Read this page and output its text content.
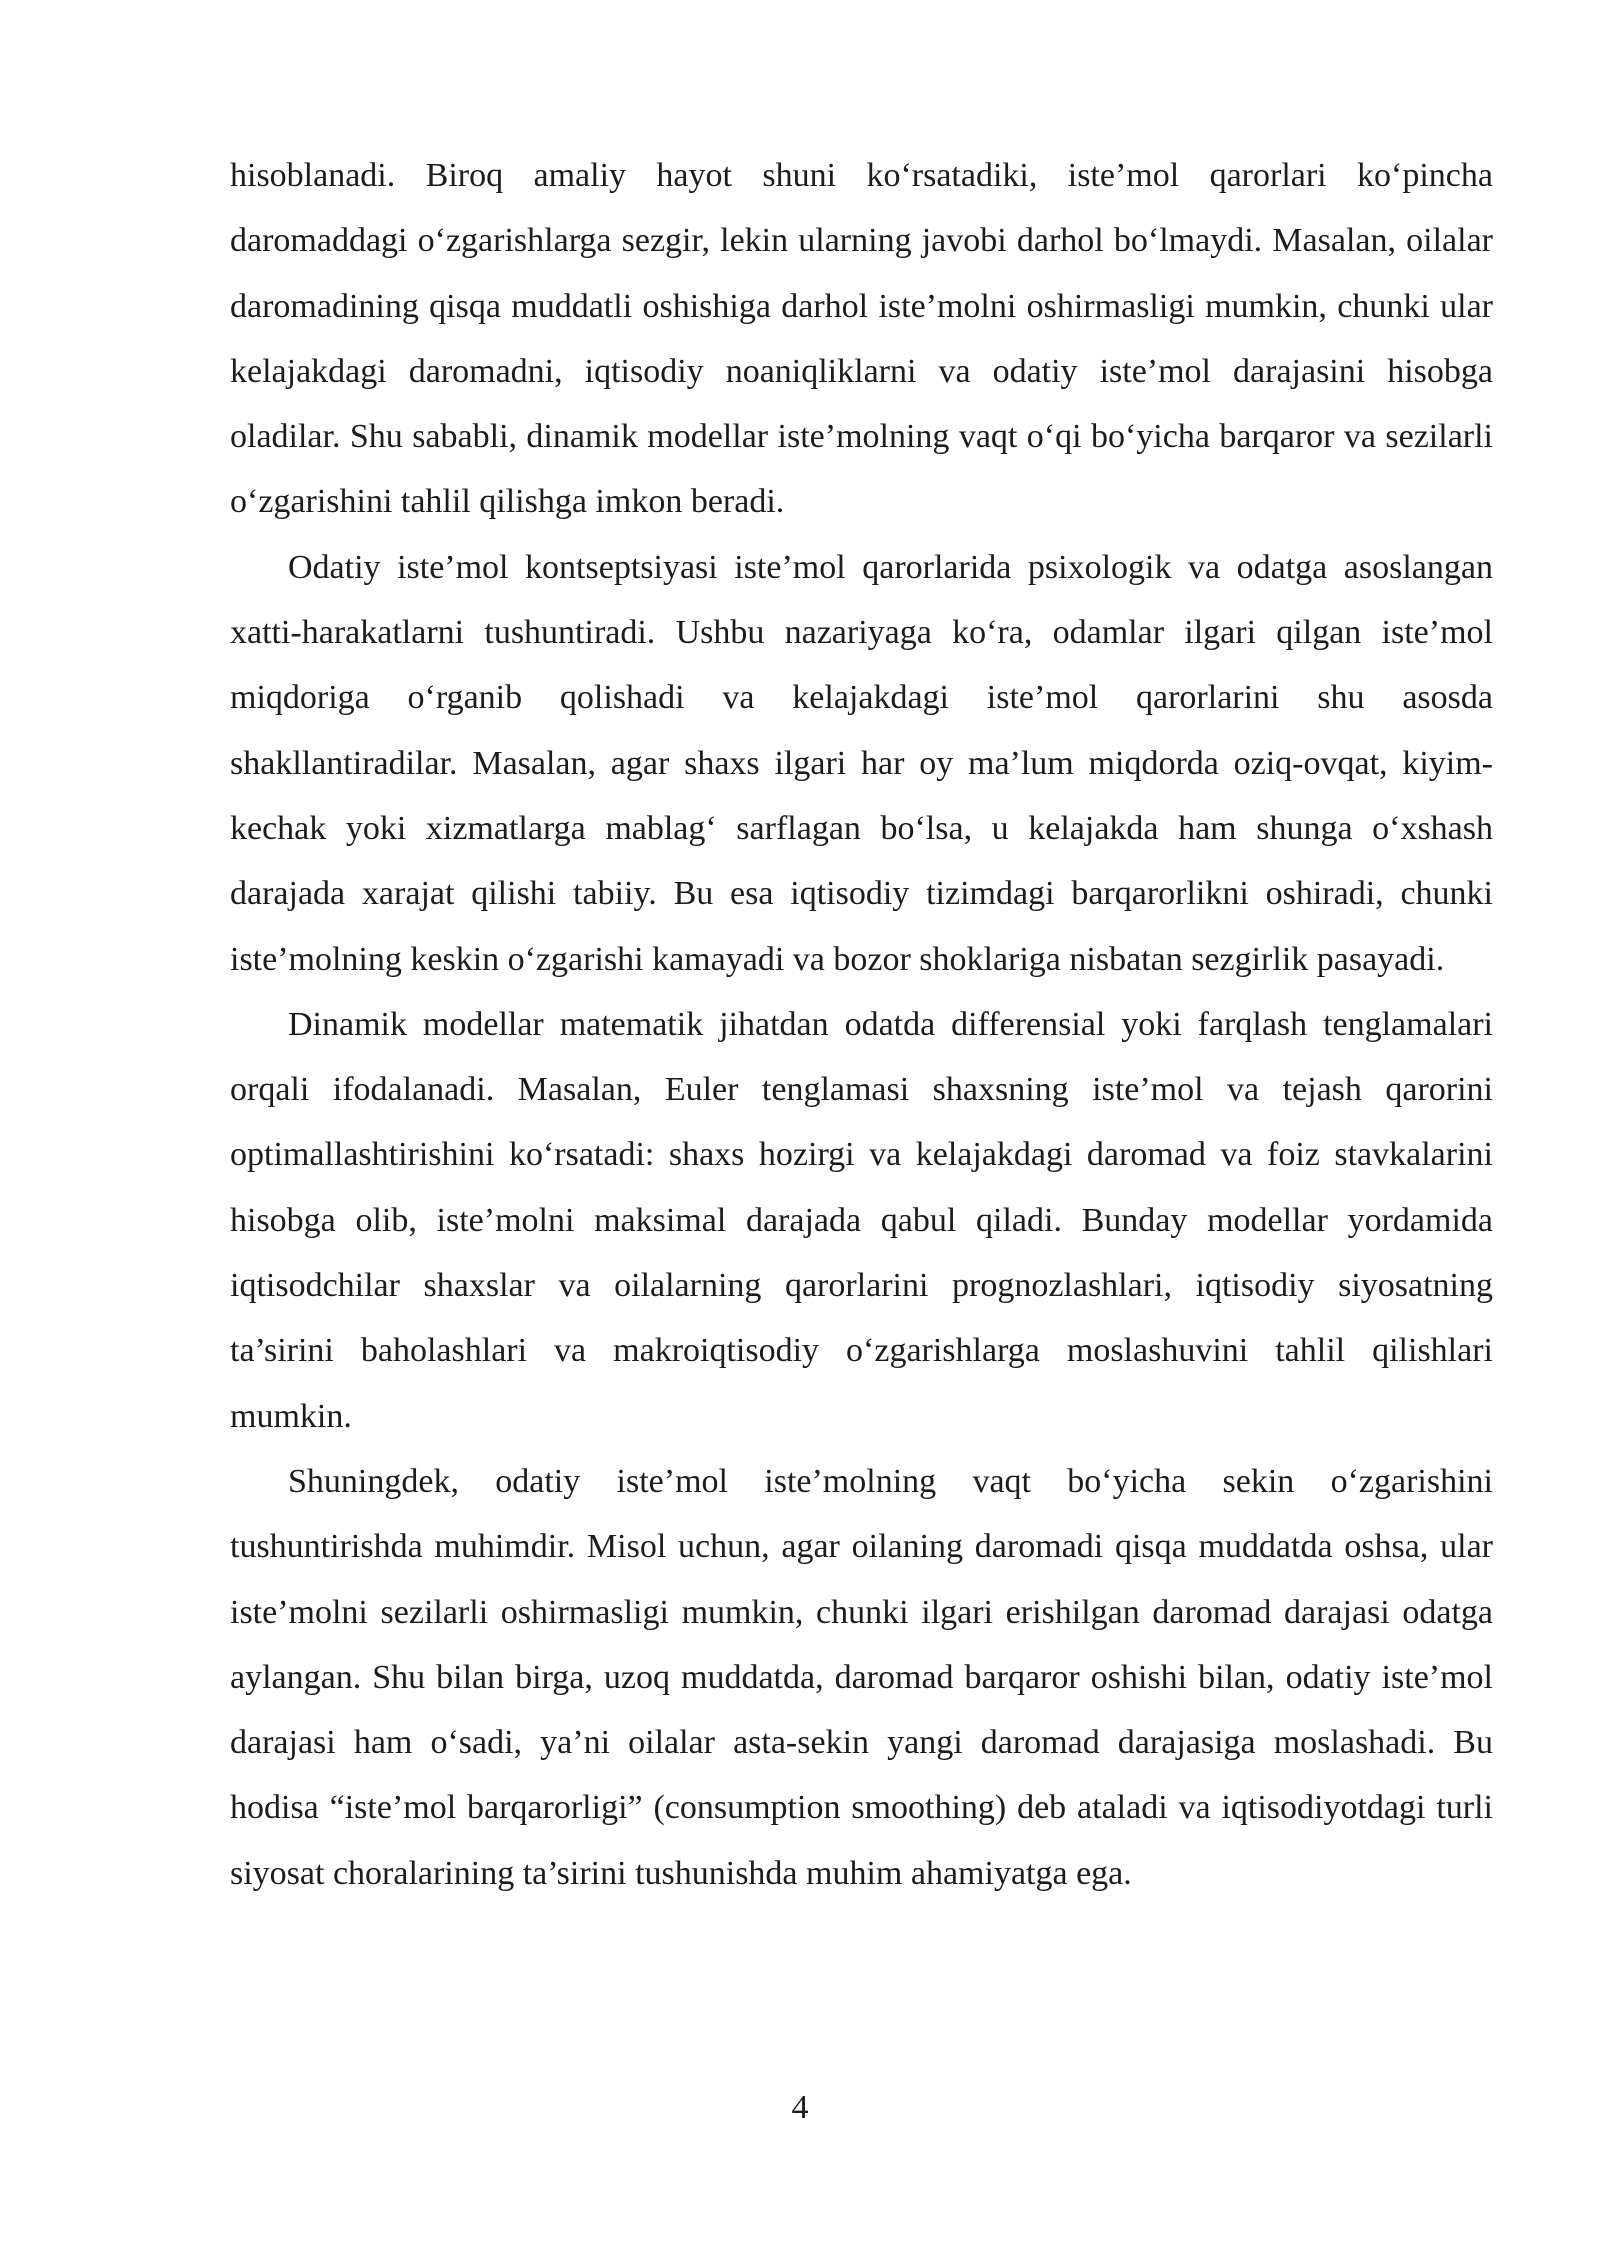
hisoblanadi. Biroq amaliy hayot shuni ko‘rsatadiki, iste’mol qarorlari ko‘pincha daromaddagi o‘zgarishlarga sezgir, lekin ularning javobi darhol bo‘lmaydi. Masalan, oilalar daromadining qisqa muddatli oshishiga darhol iste’molni oshirmasligi mumkin, chunki ular kelajakdagi daromadni, iqtisodiy noaniqliklarni va odatiy iste’mol darajasini hisobga oladilar. Shu sababli, dinamik modellar iste’molning vaqt o‘qi bo‘yicha barqaror va sezilarli o‘zgarishini tahlil qilishga imkon beradi.

Odatiy iste’mol kontseptsiyasi iste’mol qarorlarida psixologik va odatga asoslangan xatti-harakatlarni tushuntiradi. Ushbu nazariyaga ko‘ra, odamlar ilgari qilgan iste’mol miqdoriga o‘rganib qolishadi va kelajakdagi iste’mol qarorlarini shu asosda shakllantiradilar. Masalan, agar shaxs ilgari har oy ma’lum miqdorda oziq-ovqat, kiyim-kechak yoki xizmatlarga mablag‘ sarflagan bo‘lsa, u kelajakda ham shunga o‘xshash darajada xarajat qilishi tabiiy. Bu esa iqtisodiy tizimdagi barqarorlikni oshiradi, chunki iste’molning keskin o‘zgarishi kamayadi va bozor shoklariga nisbatan sezgirlik pasayadi.

Dinamik modellar matematik jihatdan odatda differensial yoki farqlash tenglamalari orqali ifodalanadi. Masalan, Euler tenglamasi shaxsning iste’mol va tejash qarorini optimallashtirishini ko‘rsatadi: shaxs hozirgi va kelajakdagi daromad va foiz stavkalarini hisobga olib, iste’molni maksimal darajada qabul qiladi. Bunday modellar yordamida iqtisodchilar shaxslar va oilalarning qarorlarini prognozlashlari, iqtisodiy siyosatning ta’sirini baholashlari va makroiqtisodiy o‘zgarishlarga moslashuvini tahlil qilishlari mumkin.

Shuningdek, odatiy iste’mol iste’molning vaqt bo‘yicha sekin o‘zgarishini tushuntirishda muhimdir. Misol uchun, agar oilaning daromadi qisqa muddatda oshsa, ular iste’molni sezilarli oshirmasligi mumkin, chunki ilgari erishilgan daromad darajasi odatga aylangan. Shu bilan birga, uzoq muddatda, daromad barqaror oshishi bilan, odatiy iste’mol darajasi ham o‘sadi, ya’ni oilalar asta-sekin yangi daromad darajasiga moslashadi. Bu hodisa “iste’mol barqarorligi” (consumption smoothing) deb ataladi va iqtisodiyotdagi turli siyosat choralarining ta’sirini tushunishda muhim ahamiyatga ega.

4
